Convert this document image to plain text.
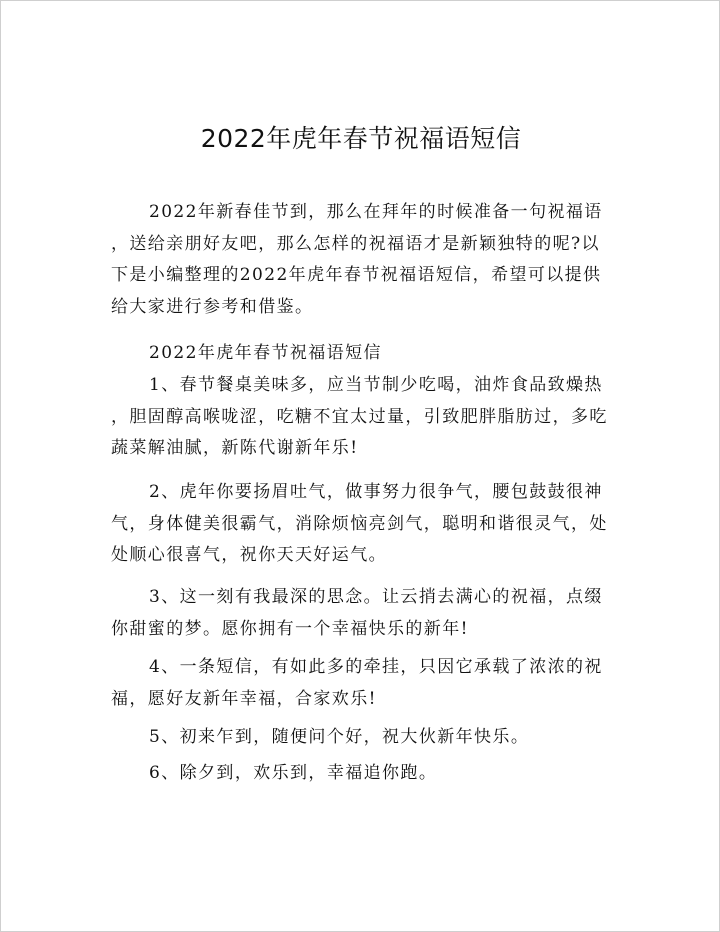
2022年虎年春节祝福语短信
2022年新春佳节到，那么在拜年的时候准备一句祝福语
，送给亲朋好友吧，那么怎样的祝福语才是新颖独特的呢?以
下是小编整理的2022年虎年春节祝福语短信，希望可以提供
给大家进行参考和借鉴。
2022年虎年春节祝福语短信
1、春节餐桌美味多，应当节制少吃喝，油炸食品致燥热
，胆固醇高喉咙涩，吃糖不宜太过量，引致肥胖脂肪过，多吃
蔬菜解油腻，新陈代谢新年乐!
2、虎年你要扬眉吐气，做事努力很争气，腰包鼓鼓很神
气，身体健美很霸气，消除烦恼亮剑气，聪明和谐很灵气，处
处顺心很喜气，祝你天天好运气。
3、这一刻有我最深的思念。让云捎去满心的祝福，点缀
你甜蜜的梦。愿你拥有一个幸福快乐的新年!
4、一条短信，有如此多的牵挂，只因它承载了浓浓的祝
福，愿好友新年幸福，合家欢乐!
5、初来乍到，随便问个好，祝大伙新年快乐。
6、除夕到，欢乐到，幸福追你跑。
